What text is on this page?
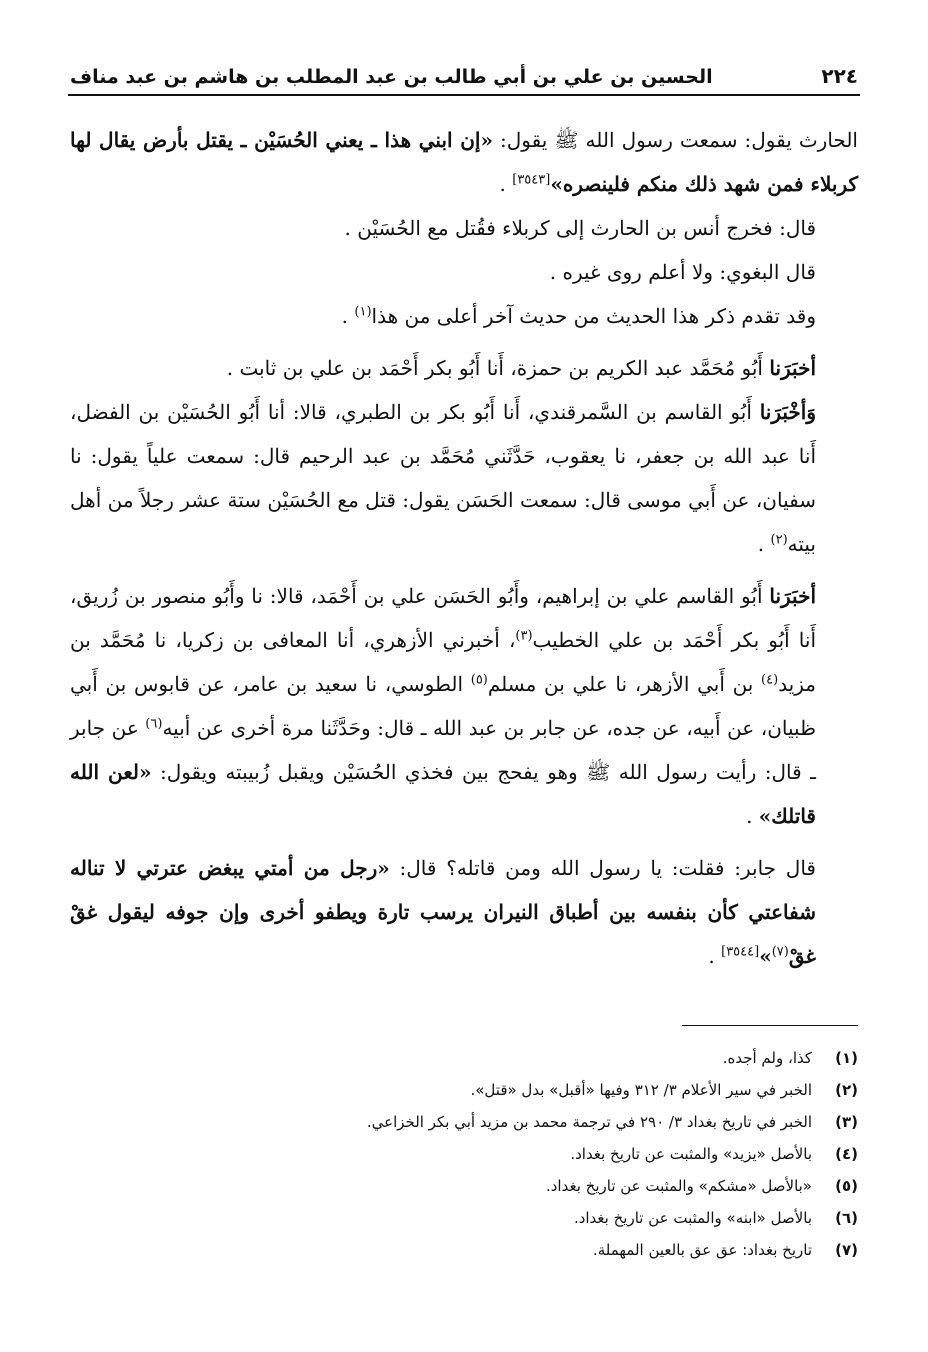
٢٢٤
الحسين بن علي بن أبي طالب بن عبد المطلب بن هاشم بن عبد مناف

الحارث يقول: سمعت رسول الله ﷺ يقول: «إن ابني هذا ـ يعني الحُسَيْن ـ يقتل بأرض يقال لها كربلاء فمن شهد ذلك منكم فلينصره»[٣٥٤٣] .

قال: فخرج أنس بن الحارث إلى كربلاء فقُتل مع الحُسَيْن .

قال البغوي: ولا أعلم روى غيره .

وقد تقدم ذكر هذا الحديث من حديث آخر أعلى من هذا$^{(١)}$ .

أخبَرَنا أَبُو مُحَمَّد عبد الكريم بن حمزة، أَنا أَبُو بكر أَحْمَد بن علي بن ثابت .

وَأخْبَرَنا أَبُو القاسم بن السَّمرقندي، أَنا أَبُو بكر بن الطبري، قالا: أنا أَبُو الحُسَيْن بن الفضل، أَنا عبد الله بن جعفر، نا يعقوب، حَدَّثَني مُحَمَّد بن عبد الرحيم قال: سمعت علياً يقول: نا سفيان، عن أَبي موسى قال: سمعت الحَسَن يقول: قتل مع الحُسَيْن ستة عشر رجلاً من أهل بيته$^{(٢)}$ .

أخبَرَنا أَبُو القاسم علي بن إبراهيم، وأَبُو الحَسَن علي بن أَحْمَد، قالا: نا وأَبُو منصور بن زُريق، أَنا أَبُو بكر أَحْمَد بن علي الخطيب$^{(٣)}$، أخبرني الأزهري، أنا المعافى بن زكريا، نا مُحَمَّد بن مزيد$^{(٤)}$ بن أَبي الأزهر، نا علي بن مسلم$^{(٥)}$ الطوسي، نا سعيد بن عامر، عن قابوس بن أَبي ظبيان، عن أَبيه، عن جده، عن جابر بن عبد الله ـ قال: وحَدَّثَنا مرة أخرى عن أبيه$^{(٦)}$ عن جابر ـ قال: رأيت رسول الله ﷺ وهو يفحج بين فخذي الحُسَيْن ويقبل زُبيبته ويقول: «لعن الله قاتلك» .

قال جابر: فقلت: يا رسول الله ومن قاتله؟ قال: «رجل من أمتي يبغض عترتي لا تناله شفاعتي كأن بنفسه بين أطباق النيران يرسب تارة ويطفو أخرى وإن جوفه ليقول غقْ غقْ$^{(٧)}$»[٣٥٤٤] .

(١)
كذا، ولم أجده.
(٢)
الخبر في سير الأعلام ٣/ ٣١٢ وفيها «أقبل» بدل «قتل».
(٣)
الخبر في تاريخ بغداد ٣/ ٢٩٠ في ترجمة محمد بن مزيد أبي بكر الخزاعي.
(٤)
بالأصل «يزيد» والمثبت عن تاريخ بغداد.
(٥)
«بالأصل «مشكم» والمثبت عن تاريخ بغداد.
(٦)
بالأصل «ابنه» والمثبت عن تاريخ بغداد.
(٧)
تاريخ بغداد: عق عق بالعين المهملة.
